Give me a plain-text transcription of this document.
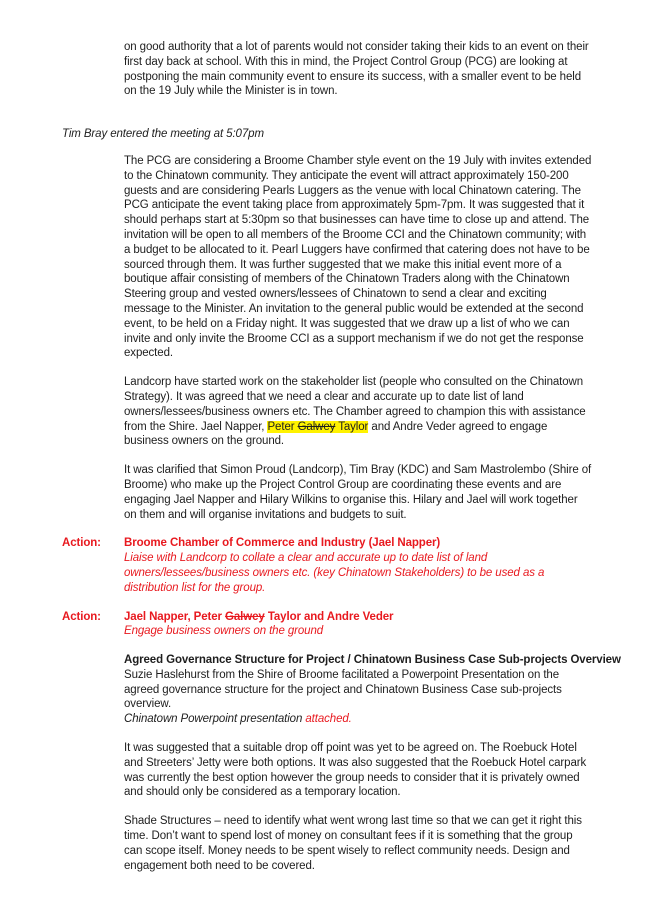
on good authority that a lot of parents would not consider taking their kids to an event on their first day back at school. With this in mind, the Project Control Group (PCG) are looking at postponing the main community event to ensure its success, with a smaller event to be held on the 19 July while the Minister is in town.

Tim Bray entered the meeting at 5:07pm

The PCG are considering a Broome Chamber style event on the 19 July with invites extended to the Chinatown community. They anticipate the event will attract approximately 150-200 guests and are considering Pearls Luggers as the venue with local Chinatown catering. The PCG anticipate the event taking place from approximately 5pm-7pm. It was suggested that it should perhaps start at 5:30pm so that businesses can have time to close up and attend. The invitation will be open to all members of the Broome CCI and the Chinatown community; with a budget to be allocated to it. Pearl Luggers have confirmed that catering does not have to be sourced through them. It was further suggested that we make this initial event more of a boutique affair consisting of members of the Chinatown Traders along with the Chinatown Steering group and vested owners/lessees of Chinatown to send a clear and exciting message to the Minister. An invitation to the general public would be extended at the second event, to be held on a Friday night. It was suggested that we draw up a list of who we can invite and only invite the Broome CCI as a support mechanism if we do not get the response expected.

Landcorp have started work on the stakeholder list (people who consulted on the Chinatown Strategy). It was agreed that we need a clear and accurate up to date list of land owners/lessees/business owners etc. The Chamber agreed to champion this with assistance from the Shire. Jael Napper, Peter Galwey Taylor and Andre Veder agreed to engage business owners on the ground.

It was clarified that Simon Proud (Landcorp), Tim Bray (KDC) and Sam Mastrolembo (Shire of Broome) who make up the Project Control Group are coordinating these events and are engaging Jael Napper and Hilary Wilkins to organise this. Hilary and Jael will work together on them and will organise invitations and budgets to suit.

Action:	Broome Chamber of Commerce and Industry (Jael Napper)
Liaise with Landcorp to collate a clear and accurate up to date list of land owners/lessees/business owners etc. (key Chinatown Stakeholders) to be used as a distribution list for the group.
Action:	Jael Napper, Peter Galwey Taylor and Andre Veder
Engage business owners on the ground
Agreed Governance Structure for Project / Chinatown Business Case Sub-projects Overview
Suzie Haslehurst from the Shire of Broome facilitated a Powerpoint Presentation on the agreed governance structure for the project and Chinatown Business Case sub-projects overview.
Chinatown Powerpoint presentation attached.

It was suggested that a suitable drop off point was yet to be agreed on. The Roebuck Hotel and Streeters’ Jetty were both options. It was also suggested that the Roebuck Hotel carpark was currently the best option however the group needs to consider that it is privately owned and should only be considered as a temporary location.

Shade Structures – need to identify what went wrong last time so that we can get it right this time. Don’t want to spend lost of money on consultant fees if it is something that the group can scope itself. Money needs to be spent wisely to reflect community needs. Design and engagement both need to be covered.
